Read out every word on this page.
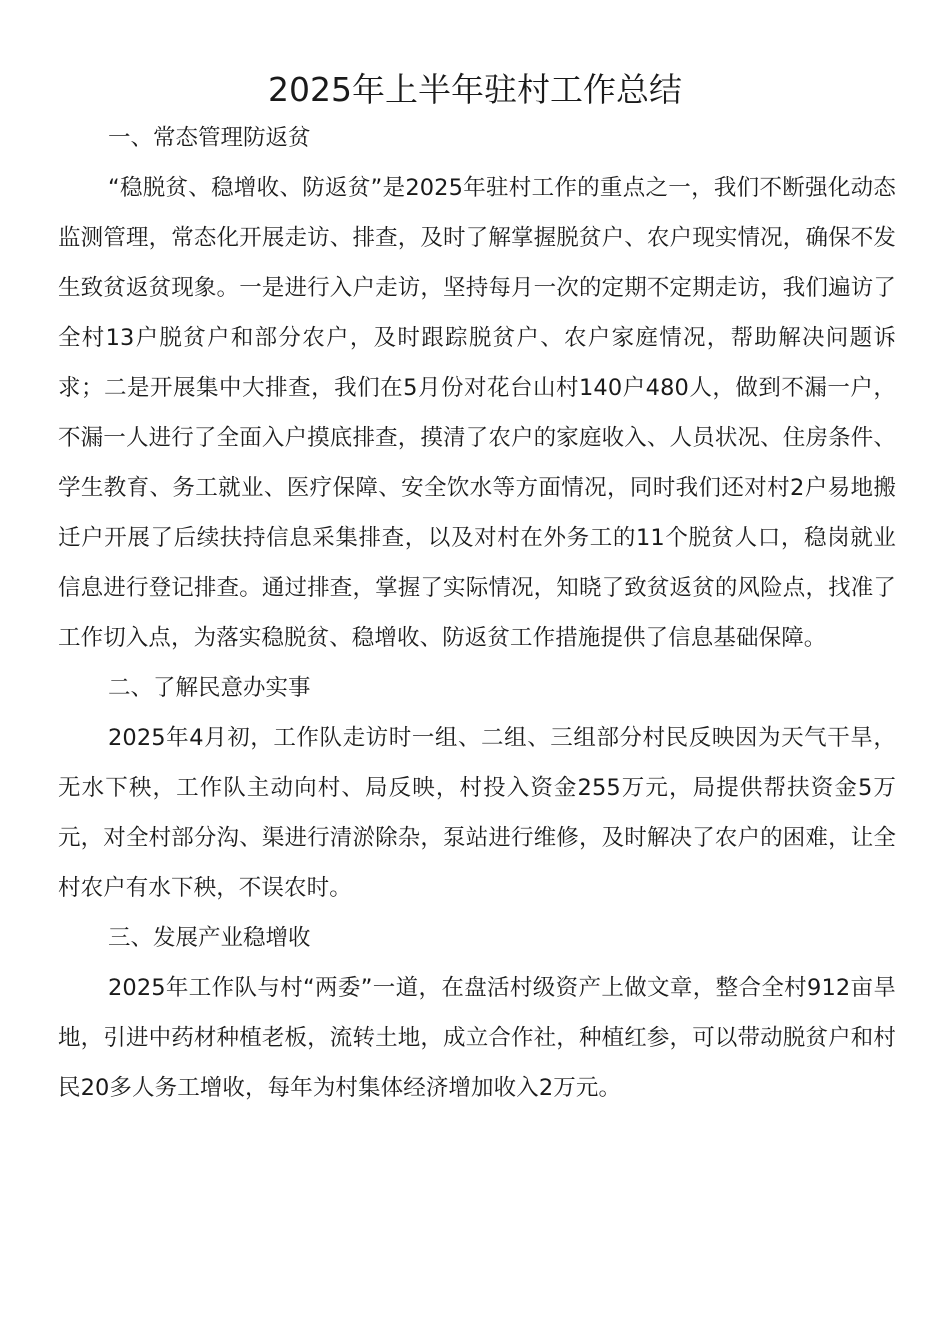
2025年上半年驻村工作总结

一、常态管理防返贫

“稳脱贫、稳增收、防返贫”是2025年驻村工作的重点之一，我们不断强化动态监测管理，常态化开展走访、排查，及时了解掌握脱贫户、农户现实情况，确保不发生致贫返贫现象。一是进行入户走访，坚持每月一次的定期不定期走访，我们遍访了全村13户脱贫户和部分农户，及时跟踪脱贫户、农户家庭情况，帮助解决问题诉求；二是开展集中大排查，我们在5月份对花台山村140户480人，做到不漏一户，不漏一人进行了全面入户摸底排查，摸清了农户的家庭收入、人员状况、住房条件、学生教育、务工就业、医疗保障、安全饮水等方面情况，同时我们还对村2户易地搬迁户开展了后续扶持信息采集排查，以及对村在外务工的11个脱贫人口，稳岗就业信息进行登记排查。通过排查，掌握了实际情况，知晓了致贫返贫的风险点，找准了工作切入点，为落实稳脱贫、稳增收、防返贫工作措施提供了信息基础保障。

二、了解民意办实事

2025年4月初，工作队走访时一组、二组、三组部分村民反映因为天气干旱，无水下秧，工作队主动向村、局反映，村投入资金255万元，局提供帮扶资金5万元，对全村部分沟、渠进行清淤除杂，泵站进行维修，及时解决了农户的困难，让全村农户有水下秧，不误农时。

三、发展产业稳增收

2025年工作队与村“两委”一道，在盘活村级资产上做文章，整合全村912亩旱地，引进中药材种植老板，流转土地，成立合作社，种植红参，可以带动脱贫户和村民20多人务工增收，每年为村集体经济增加收入2万元。
